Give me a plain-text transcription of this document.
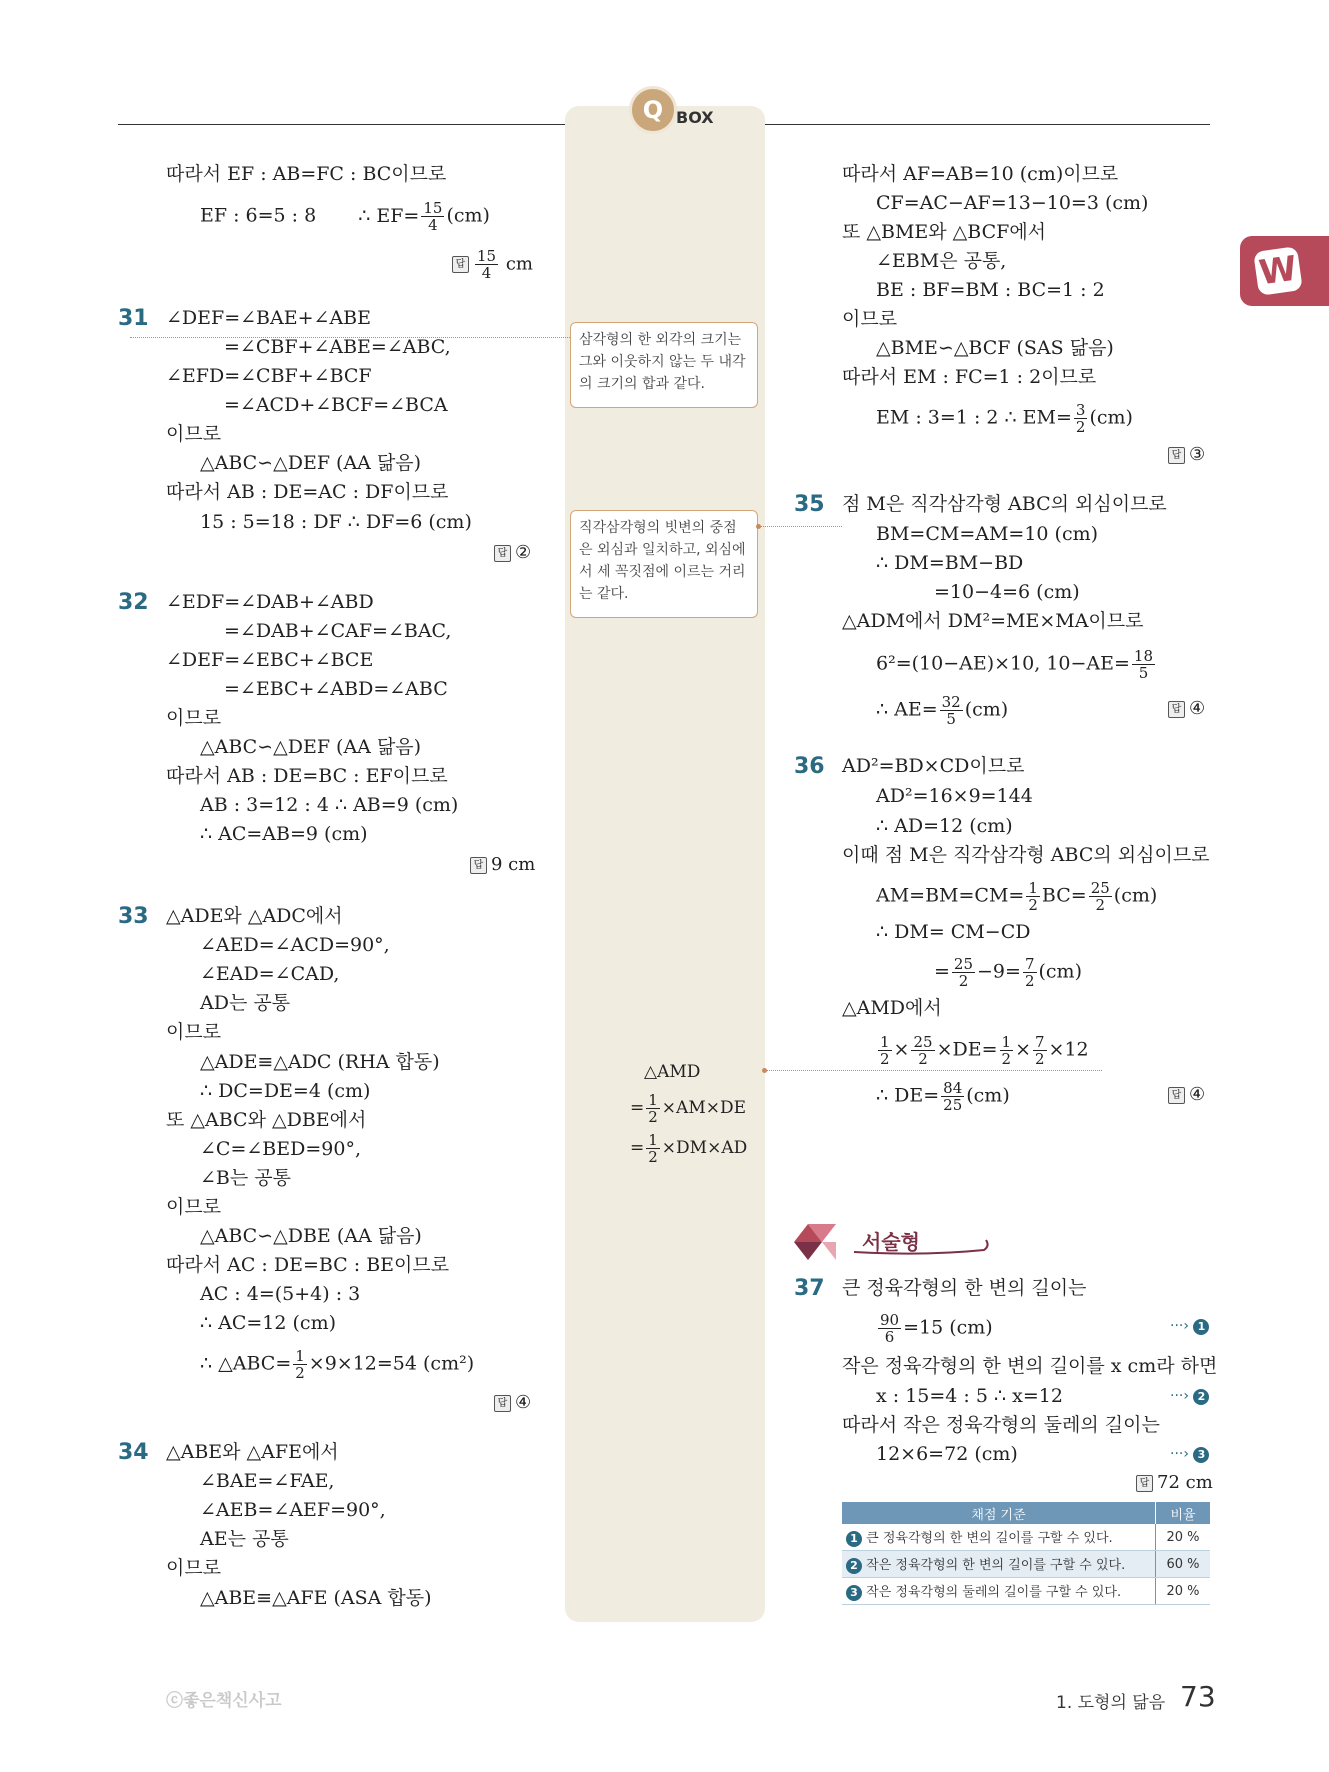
Q BOX
W
따라서 EF : AB=FC : BC이므로
EF : 6=5 : 8 ∴ $EF= \frac{15}{4} (cm)$
답 $\frac{15}{4}$ cm
31 ∠DEF=∠BAE+∠ABE
=∠CBF+∠ABE=∠ABC,
∠EFD=∠CBF+∠BCF
=∠ACD+∠BCF=∠BCA
이므로
△ABC∽△DEF (AA 닮음)
따라서 AB : DE=AC : DF이므로
15 : 5=18 : DF ∴ DF=6 (cm)
답 ②
32 ∠EDF=∠DAB+∠ABD
=∠DAB+∠CAF=∠BAC,
∠DEF=∠EBC+∠BCE
=∠EBC+∠ABD=∠ABC
이므로
△ABC∽△DEF (AA 닮음)
따라서 AB : DE=BC : EF이므로
AB : 3=12 : 4 ∴ AB=9 (cm)
∴ AC=AB=9 (cm)
답 9 cm
33 △ADE와 △ADC에서
∠AED=∠ACD=90°,
∠EAD=∠CAD,
AD는 공통
이므로
△ADE≡△ADC (RHA 합동)
∴ DC=DE=4 (cm)
또 △ABC와 △DBE에서
∠C=∠BED=90°,
∠B는 공통
이므로
△ABC∽△DBE (AA 닮음)
따라서 AC : DE=BC : BE이므로
AC : 4=(5+4) : 3
∴ AC=12 (cm)
∴ △ABC= $\frac{1}{2} \times 9\times 12=54$ (cm²)
답 ④
34 △ABE와 △AFE에서
∠BAE=∠FAE,
∠AEB=∠AEF=90°,
AE는 공통
이므로
△ABE≡△AFE (ASA 합동)
삼각형의 한 외각의 크기는 그와 이웃하지 않는 두 내각의 크기의 합과 같다.
직각삼각형의 빗변의 중점은 외심과 일치하고, 외심에서 세 꼭짓점에 이르는 거리는 같다.
△AMD
= $\frac{1}{2} \times AM\times DE$
= $\frac{1}{2} \times DM\times AD$
따라서 AF=AB=10 (cm)이므로
CF=AC−AF=13−10=3 (cm)
또 △BME와 △BCF에서
∠EBM은 공통,
BE : BF=BM : BC=1 : 2
이므로
△BME∽△BCF (SAS 닮음)
따라서 EM : FC=1 : 2이므로
EM : 3=1 : 2 ∴ $EM= \frac{3}{2} (cm)$
답 ③
35 점 M은 직각삼각형 ABC의 외심이므로
BM=CM=AM=10 (cm)
∴ DM=BM−BD
=10−4=6 (cm)
△ADM에서 DM²=ME×MA이므로
6²=(10−AE)×10, $10-AE= \frac{18}{5}$
∴ $AE= \frac{32}{5} (cm)$	답 ④
36 AD²=BD×CD이므로
AD²=16×9=144
∴ AD=12 (cm)
이때 점 M은 직각삼각형 ABC의 외심이므로
$AM=BM=CM= \frac{1}{2} BC= \frac{25}{2} (cm)$
∴ DM= CM−CD
= $\frac{25}{2} -9= \frac{7}{2} (cm)$
△AMD에서
$\frac{1}{2} \times \frac{25}{2} \times DE= \frac{1}{2} \times \frac{7}{2} \times 12$
∴ $DE= \frac{84}{25} (cm)$	답 ④
서술형
37 큰 정육각형의 한 변의 길이는
$\frac{90}{6} =15$ (cm)	···› 1
작은 정육각형의 한 변의 길이를 x cm라 하면
x : 15=4 : 5 ∴ x=12	···› 2
따라서 작은 정육각형의 둘레의 길이는
12×6=72 (cm)	···› 3
답 72 cm
채점 기준	비율
1 큰 정육각형의 한 변의 길이를 구할 수 있다.	20 %
2 작은 정육각형의 한 변의 길이를 구할 수 있다.	60 %
3 작은 정육각형의 둘레의 길이를 구할 수 있다.	20 %
ⓒ좋은책신사고	1. 도형의 닮음 73
